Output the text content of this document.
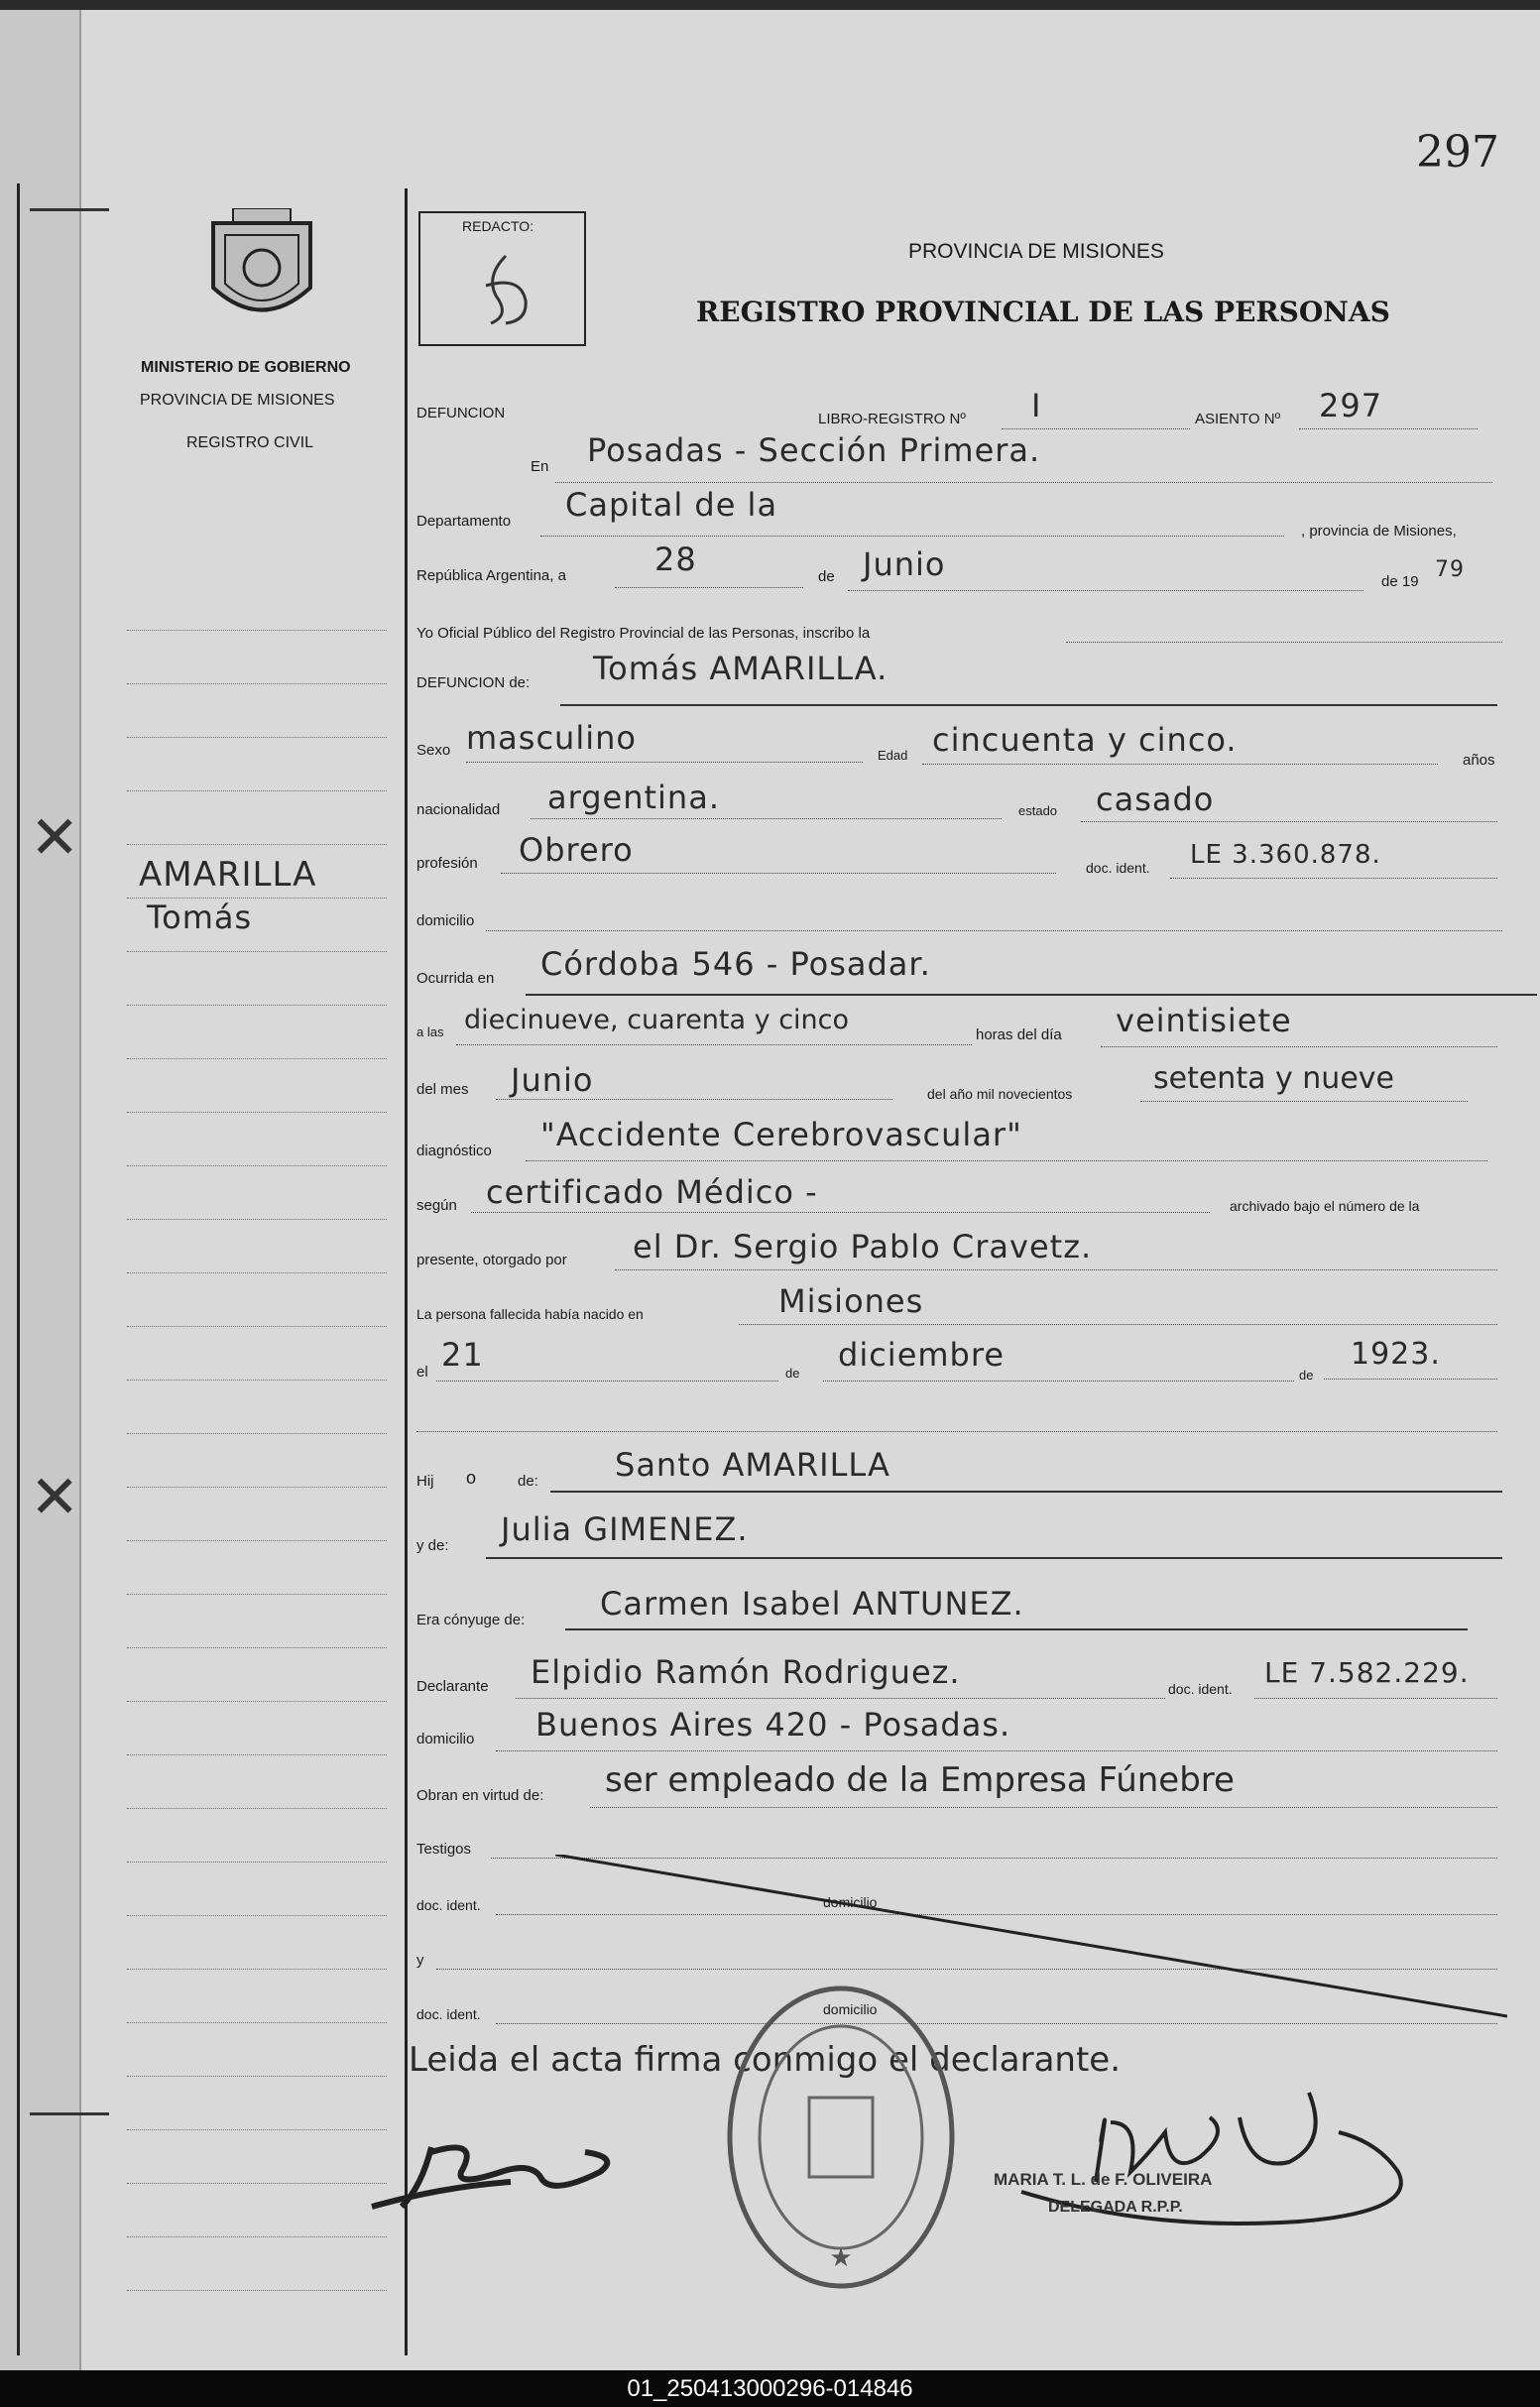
✕
✕
297
MINISTERIO DE GOBIERNO
PROVINCIA DE MISIONES
REGISTRO CIVIL
AMARILLA
Tomás
REDACTO:
PROVINCIA DE MISIONES
REGISTRO PROVINCIAL DE LAS PERSONAS
DEFUNCION	LIBRO-REGISTRO Nº I	ASIENTO Nº 297
En Posadas - Sección Primera.
Departamento Capital de la
, provincia de Misiones,
República Argentina, a	28	de Junio	de 19 79
Yo Oficial Público del Registro Provincial de las Personas, inscribo la
DEFUNCION de: Tomás AMARILLA.
Sexo masculino	Edad cincuenta y cinco.
años
nacionalidad argentina.	estado casado
profesión Obrero	doc. ident. LE 3.360.878.
domicilio
Ocurrida en Córdoba 546 - Posadar.
a las diecinueve, cuarenta y cinco	horas del día veintisiete
del mes Junio	del año mil novecientos	setenta y nueve
diagnóstico "Accidente Cerebrovascular"
según certificado Médico -	archivado bajo el número de la
presente, otorgado por el Dr. Sergio Pablo Cravetz.
La persona fallecida había nacido en	Misiones
el 21	de diciembre
de
1923.
Hij o	de: Santo AMARILLA
y de: Julia GIMENEZ.
Era cónyuge de: Carmen Isabel ANTUNEZ.
Declarante Elpidio Ramón Rodriguez.	doc. ident. LE 7.582.229.
domicilio Buenos Aires 420 - Posadas.
Obran en virtud de: ser empleado de la Empresa Fúnebre
Testigos
doc. ident.	domicilio
y
doc. ident.	domicilio
Leida el acta firma conmigo el declarante.
★
MARIA T. L. de F. OLIVEIRA
DELEGADA R.P.P.
01_250413000296-014846
